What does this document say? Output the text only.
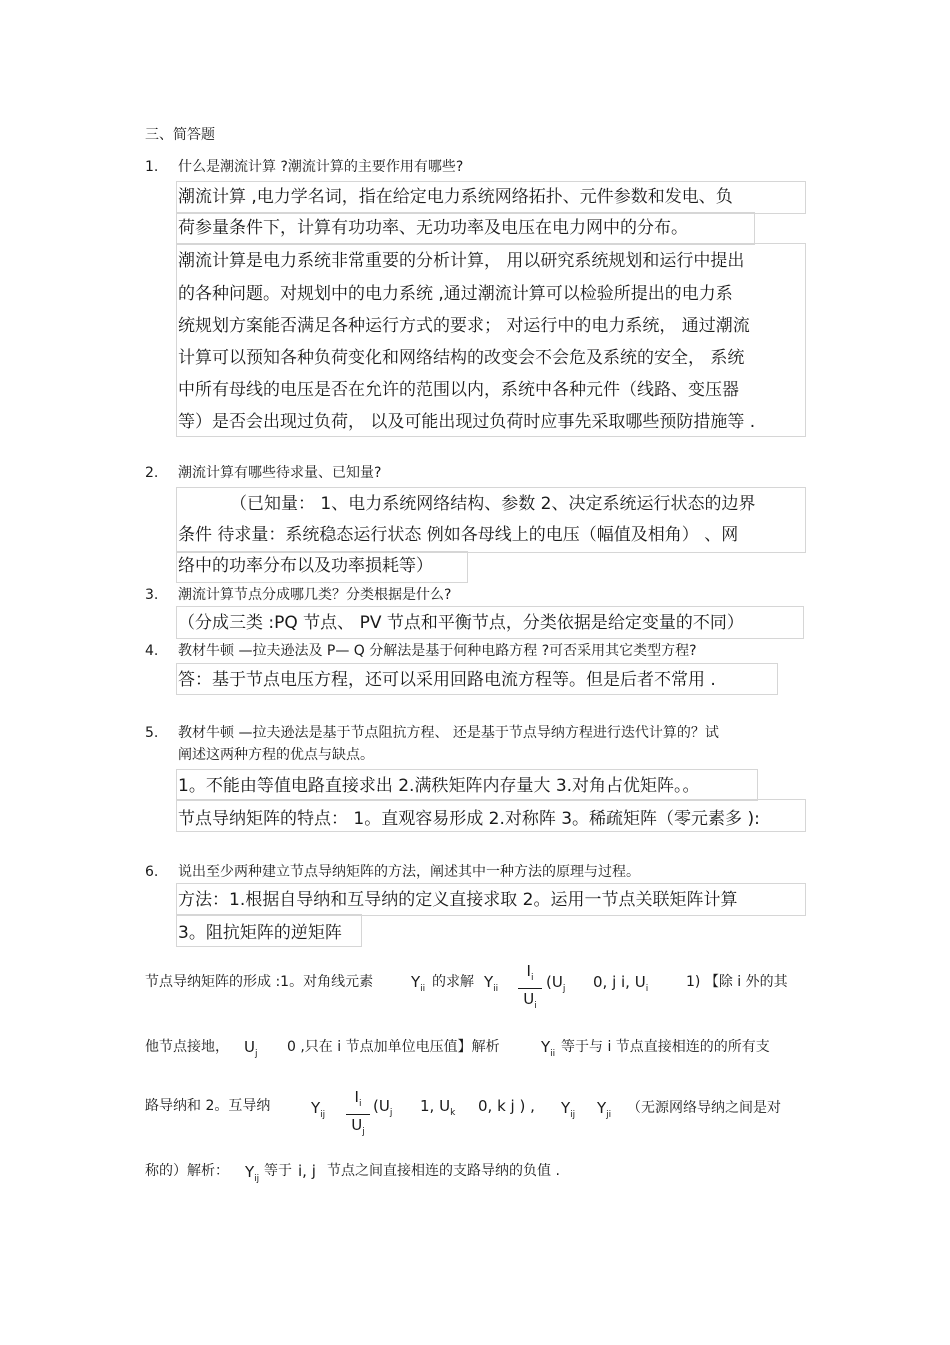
三、简答题
1. 什么是潮流计算 ?潮流计算的主要作用有哪些?
潮流计算 ,电力学名词，指在给定电力系统网络拓扑、元件参数和发电、负
荷参量条件下，计算有功功率、无功功率及电压在电力网中的分布。
潮流计算是电力系统非常重要的分析计算， 用以研究系统规划和运行中提出
的各种问题。对规划中的电力系统 ,通过潮流计算可以检验所提出的电力系
统规划方案能否满足各种运行方式的要求； 对运行中的电力系统， 通过潮流
计算可以预知各种负荷变化和网络结构的改变会不会危及系统的安全， 系统
中所有母线的电压是否在允许的范围以内，系统中各种元件（线路、变压器
等）是否会出现过负荷， 以及可能出现过负荷时应事先采取哪些预防措施等 .
2. 潮流计算有哪些待求量、已知量?
（已知量： 1、电力系统网络结构、参数 2、决定系统运行状态的边界
条件 待求量：系统稳态运行状态 例如各母线上的电压（幅值及相角） 、网
络中的功率分布以及功率损耗等）
3. 潮流计算节点分成哪几类？分类根据是什么?
（分成三类 :PQ 节点、 PV 节点和平衡节点，分类依据是给定变量的不同）
4. 教材牛顿 —拉夫逊法及 P— Q 分解法是基于何种电路方程 ?可否采用其它类型方程?
答：基于节点电压方程，还可以采用回路电流方程等。但是后者不常用 .
5. 教材牛顿 —拉夫逊法是基于节点阻抗方程、 还是基于节点导纳方程进行迭代计算的？试
阐述这两种方程的优点与缺点。
1。不能由等值电路直接求出 2.满秩矩阵内存量大 3.对角占优矩阵。。
节点导纳矩阵的特点： 1。直观容易形成 2.对称阵 3。稀疏矩阵（零元素多 ):
6. 说出至少两种建立节点导纳矩阵的方法，阐述其中一种方法的原理与过程。
方法：1.根据自导纳和互导纳的定义直接求取 2。运用一节点关联矩阵计算
3。阻抗矩阵的逆矩阵
节点导纳矩阵的形成 :1。对角线元素	$Y_{ii}$ 的求解 $Y_{ii}$
$I_i$
$U_i$
($U_j$ 0, j i, $U_i$	1) 【除 i 外的其
他节点接地， $U_j$ 0 ,只在 i 节点加单位电压值】解析	$Y_{ii}$ 等于与 i 节点直接相连的的所有支
路导纳和 2。互导纳	$Y_{ij}$
$I_i$
$U_j$
($U_j$ 1, $U_k$ 0, k j ) , $Y_{ij}$ $Y_{ji}$ （无源网络导纳之间是对
称的）解析： $Y_{ij}$ 等于 i, j 节点之间直接相连的支路导纳的负值 .
